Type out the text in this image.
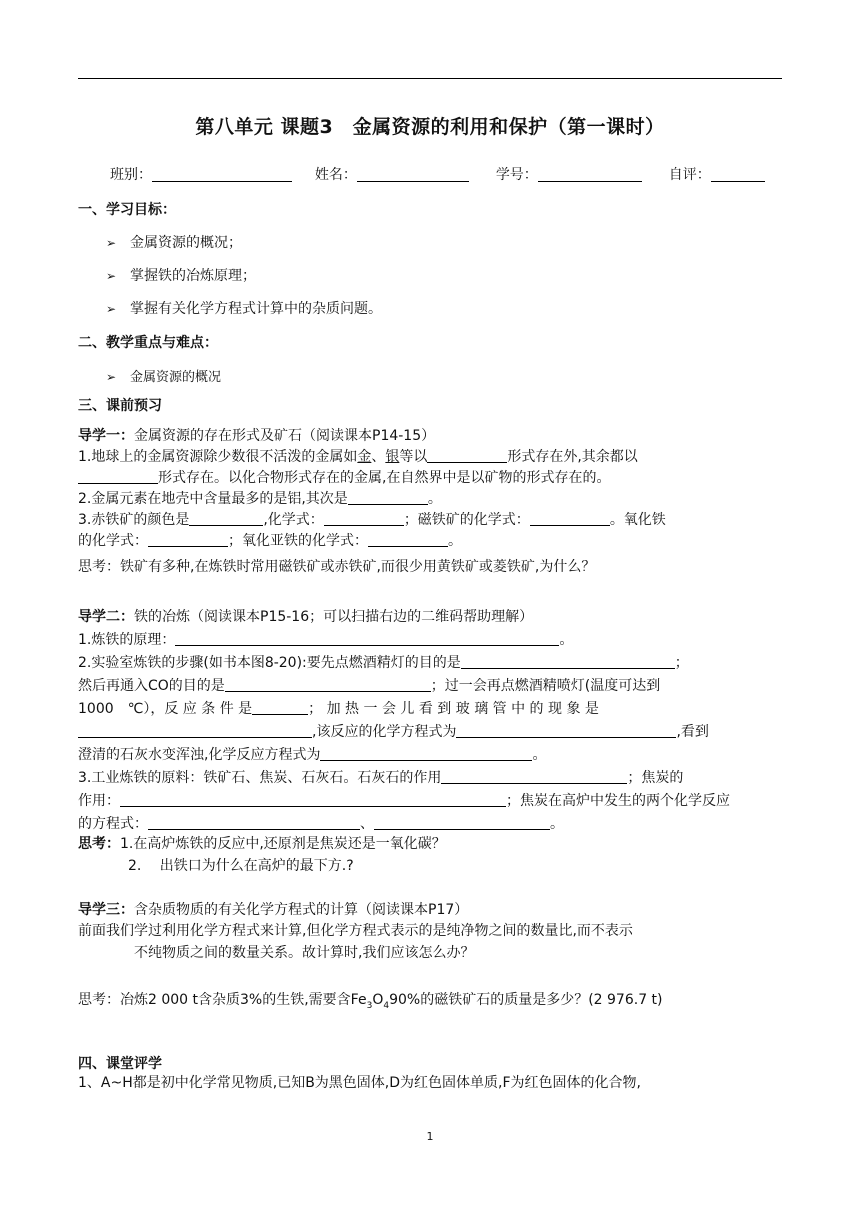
第八单元 课题3　金属资源的利用和保护（第一课时）
班别：	姓名：	学号：	自评：
一、学习目标：
➢ 金属资源的概况；
➢ 掌握铁的冶炼原理；
➢ 掌握有关化学方程式计算中的杂质问题。
二、教学重点与难点：
➢ 金属资源的概况
三、课前预习
导学一：金属资源的存在形式及矿石（阅读课本P14-15）
1.地球上的金属资源除少数很不活泼的金属如金、银等以	形式存在外,其余都以
形式存在。以化合物形式存在的金属,在自然界中是以矿物的形式存在的。
2.金属元素在地壳中含量最多的是铝,其次是	。
3.赤铁矿的颜色是	,化学式：	；磁铁矿的化学式：	。氧化铁
的化学式：	；氧化亚铁的化学式：	。
思考：铁矿有多种,在炼铁时常用磁铁矿或赤铁矿,而很少用黄铁矿或菱铁矿,为什么？
导学二：铁的冶炼（阅读课本P15-16；可以扫描右边的二维码帮助理解）
1.炼铁的原理：	。
2.实验室炼铁的步骤(如书本图8-20):要先点燃酒精灯的目的是	；
然后再通入CO的目的是	；过一会再点燃酒精喷灯(温度可达到
1000　℃），反 应 条 件 是	； 加 热 一 会 儿 看 到 玻 璃 管 中 的 现 象 是
,该反应的化学方程式为	,看到
澄清的石灰水变浑浊,化学反应方程式为	。
3.工业炼铁的原料：铁矿石、焦炭、石灰石。石灰石的作用	；焦炭的
作用：	；焦炭在高炉中发生的两个化学反应
的方程式：	、	。
思考：1.在高炉炼铁的反应中,还原剂是焦炭还是一氧化碳？
2.　 出铁口为什么在高炉的最下方.?
导学三：含杂质物质的有关化学方程式的计算（阅读课本P17）
前面我们学过利用化学方程式来计算,但化学方程式表示的是纯净物之间的数量比,而不表示
不纯物质之间的数量关系。故计算时,我们应该怎么办？
思考：冶炼2 000 t含杂质3%的生铁,需要含$Fe_3O_490\%$的磁铁矿石的质量是多少？(2 976.7 t)
四、课堂评学
1、A~H都是初中化学常见物质,已知B为黑色固体,D为红色固体单质,F为红色固体的化合物,
1
